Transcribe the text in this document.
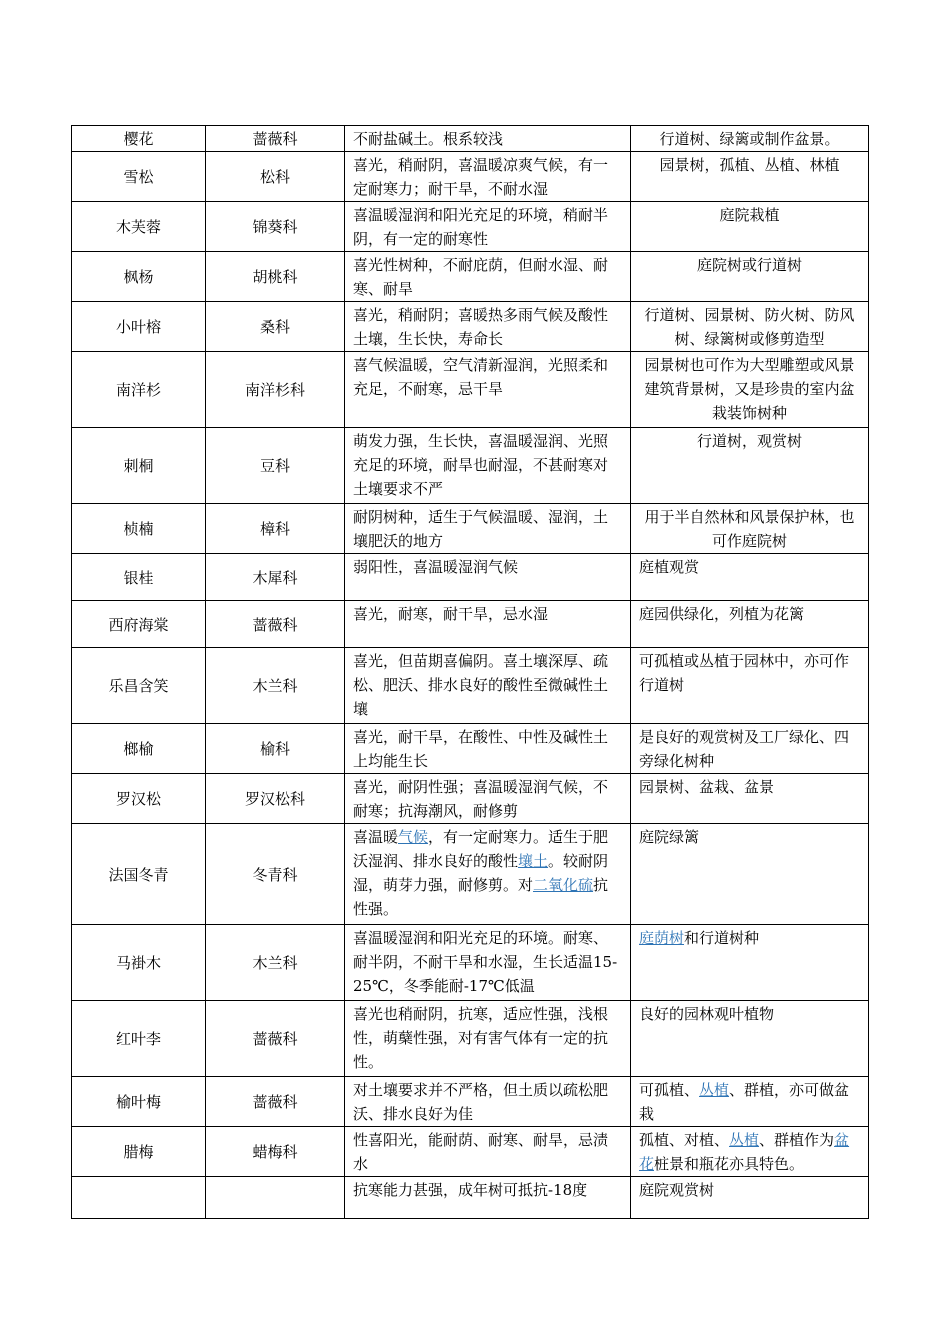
樱花	蔷薇科	不耐盐碱土。根系较浅	行道树、绿篱或制作盆景。
雪松	松科	喜光，稍耐阴，喜温暖凉爽气候，有一定耐寒力；耐干旱，不耐水湿	园景树，孤植、丛植、林植
木芙蓉	锦葵科	喜温暖湿润和阳光充足的环境，稍耐半阴，有一定的耐寒性	庭院栽植
枫杨	胡桃科	喜光性树种，不耐庇荫，但耐水湿、耐寒、耐旱	庭院树或行道树
小叶榕	桑科	喜光，稍耐阴；喜暖热多雨气候及酸性土壤，生长快，寿命长	行道树、园景树、防火树、防风树、绿篱树或修剪造型
南洋杉	南洋杉科	喜气候温暖，空气清新湿润，光照柔和充足，不耐寒，忌干旱	园景树也可作为大型雕塑或风景建筑背景树，又是珍贵的室内盆栽装饰树种
刺桐	豆科	萌发力强，生长快，喜温暖湿润、光照充足的环境，耐旱也耐湿，不甚耐寒对土壤要求不严	行道树，观赏树
桢楠	樟科	耐阴树种，适生于气候温暖、湿润，土壤肥沃的地方	用于半自然林和风景保护林，也可作庭院树
银桂	木犀科	弱阳性，喜温暖湿润气候	庭植观赏
西府海棠	蔷薇科	喜光，耐寒，耐干旱，忌水湿	庭园供绿化，列植为花篱
乐昌含笑	木兰科	喜光，但苗期喜偏阴。喜土壤深厚、疏松、肥沃、排水良好的酸性至微碱性土壤	可孤植或丛植于园林中，亦可作行道树
榔榆	榆科	喜光，耐干旱，在酸性、中性及碱性土上均能生长	是良好的观赏树及工厂绿化、四旁绿化树种
罗汉松	罗汉松科	喜光，耐阴性强；喜温暖湿润气候，不耐寒；抗海潮风，耐修剪	园景树、盆栽、盆景
法国冬青	冬青科	喜温暖气候，有一定耐寒力。适生于肥沃湿润、排水良好的酸性壤土。较耐阴湿，萌芽力强，耐修剪。对二氧化硫抗性强。	庭院绿篱
马褂木	木兰科	喜温暖湿润和阳光充足的环境。耐寒、耐半阴，不耐干旱和水湿，生长适温15-25℃，冬季能耐-17℃低温	庭荫树和行道树种
红叶李	蔷薇科	喜光也稍耐阴，抗寒，适应性强，浅根性，萌蘖性强，对有害气体有一定的抗性。	良好的园林观叶植物
榆叶梅	蔷薇科	对土壤要求并不严格，但土质以疏松肥沃、排水良好为佳	可孤植、丛植、群植，亦可做盆栽
腊梅	蜡梅科	性喜阳光，能耐荫、耐寒、耐旱，忌渍水	孤植、对植、丛植、群植作为盆花桩景和瓶花亦具特色。
		抗寒能力甚强，成年树可抵抗-18度	庭院观赏树
